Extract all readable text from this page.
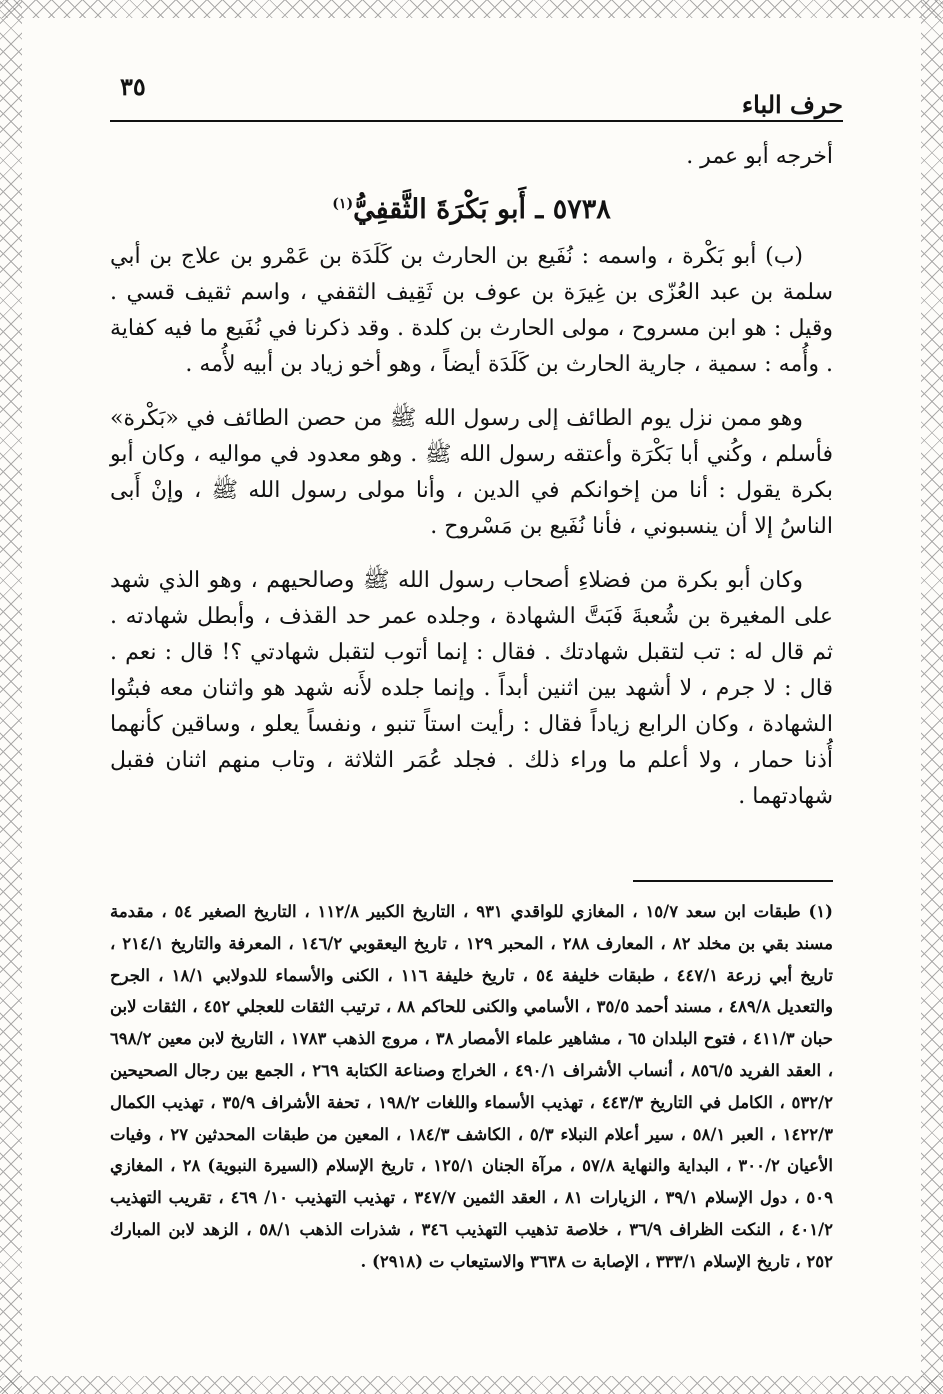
٣٥
حرف الباء

أخرجه أبو عمر .

٥٧٣٨ ـ أَبو بَكْرَةَ الثَّقفِيُّ$^{(١)}$

(ب) أبو بَكْرة ، واسمه : نُفَيع بن الحارث بن كَلَدَة بن عَمْرو بن علاج بن أبي سلمة بن عبد العُزّى بن غِيرَة بن عوف بن ثَقِيف الثقفي ، واسم ثقيف قسي . وقيل : هو ابن مسروح ، مولى الحارث بن كلدة . وقد ذكرنا في نُفَيع ما فيه كفاية . وأُمه : سمية ، جارية الحارث بن كَلَدَة أيضاً ، وهو أخو زياد بن أبيه لأُمه .

وهو ممن نزل يوم الطائف إلى رسول الله ﷺ من حصن الطائف في «بَكْرة» فأسلم ، وكُني أبا بَكْرَة وأعتقه رسول الله ﷺ . وهو معدود في مواليه ، وكان أبو بكرة يقول : أنا من إخوانكم في الدين ، وأنا مولى رسول الله ﷺ ، وإنْ أَبى الناسُ إلا أن ينسبوني ، فأنا نُفَيع بن مَسْروح .

وكان أبو بكرة من فضلاءِ أصحاب رسول الله ﷺ وصالحيهم ، وهو الذي شهد على المغيرة بن شُعبةَ فَبَتَّ الشهادة ، وجلده عمر حد القذف ، وأبطل شهادته . ثم قال له : تب لتقبل شهادتك . فقال : إنما أتوب لتقبل شهادتي ؟! قال : نعم . قال : لا جرم ، لا أشهد بين اثنين أبداً . وإنما جلده لأَنه شهد هو واثنان معه فبتُوا الشهادة ، وكان الرابع زياداً فقال : رأيت استاً تنبو ، ونفساً يعلو ، وساقين كأنهما أُذنا حمار ، ولا أعلم ما وراء ذلك . فجلد عُمَر الثلاثة ، وتاب منهم اثنان فقبل شهادتهما .

(١) طبقات ابن سعد ١٥/٧ ، المغازي للواقدي ٩٣١ ، التاريخ الكبير ١١٢/٨ ، التاريخ الصغير ٥٤ ، مقدمة مسند بقي بن مخلد ٨٢ ، المعارف ٢٨٨ ، المحبر ١٢٩ ، تاريخ اليعقوبي ١٤٦/٢ ، المعرفة والتاريخ ٢١٤/١ ، تاريخ أبي زرعة ٤٤٧/١ ، طبقات خليفة ٥٤ ، تاريخ خليفة ١١٦ ، الكنى والأسماء للدولابي ١٨/١ ، الجرح والتعديل ٤٨٩/٨ ، مسند أحمد ٣٥/٥ ، الأسامي والكنى للحاكم ٨٨ ، ترتيب الثقات للعجلي ٤٥٢ ، الثقات لابن حبان ٤١١/٣ ، فتوح البلدان ٦٥ ، مشاهير علماء الأمصار ٣٨ ، مروج الذهب ١٧٨٣ ، التاريخ لابن معين ٦٩٨/٢ ، العقد الفريد ٨٥٦/٥ ، أنساب الأشراف ٤٩٠/١ ، الخراج وصناعة الكتابة ٢٦٩ ، الجمع بين رجال الصحيحين ٥٣٢/٢ ، الكامل في التاريخ ٤٤٣/٣ ، تهذيب الأسماء واللغات ١٩٨/٢ ، تحفة الأشراف ٣٥/٩ ، تهذيب الكمال ١٤٢٢/٣ ، العبر ٥٨/١ ، سير أعلام النبلاء ٥/٣ ، الكاشف ١٨٤/٣ ، المعين من طبقات المحدثين ٢٧ ، وفيات الأعيان ٣٠٠/٢ ، البداية والنهاية ٥٧/٨ ، مرآة الجنان ١٢٥/١ ، تاريخ الإسلام (السيرة النبوية) ٢٨ ، المغازي ٥٠٩ ، دول الإسلام ٣٩/١ ، الزيارات ٨١ ، العقد الثمين ٣٤٧/٧ ، تهذيب التهذيب ١٠/ ٤٦٩ ، تقريب التهذيب ٤٠١/٢ ، النكت الظراف ٣٦/٩ ، خلاصة تذهيب التهذيب ٣٤٦ ، شذرات الذهب ٥٨/١ ، الزهد لابن المبارك ٢٥٢ ، تاريخ الإسلام ٣٣٣/١ ، الإصابة ت ٣٦٣٨ والاستيعاب ت (٢٩١٨) .
